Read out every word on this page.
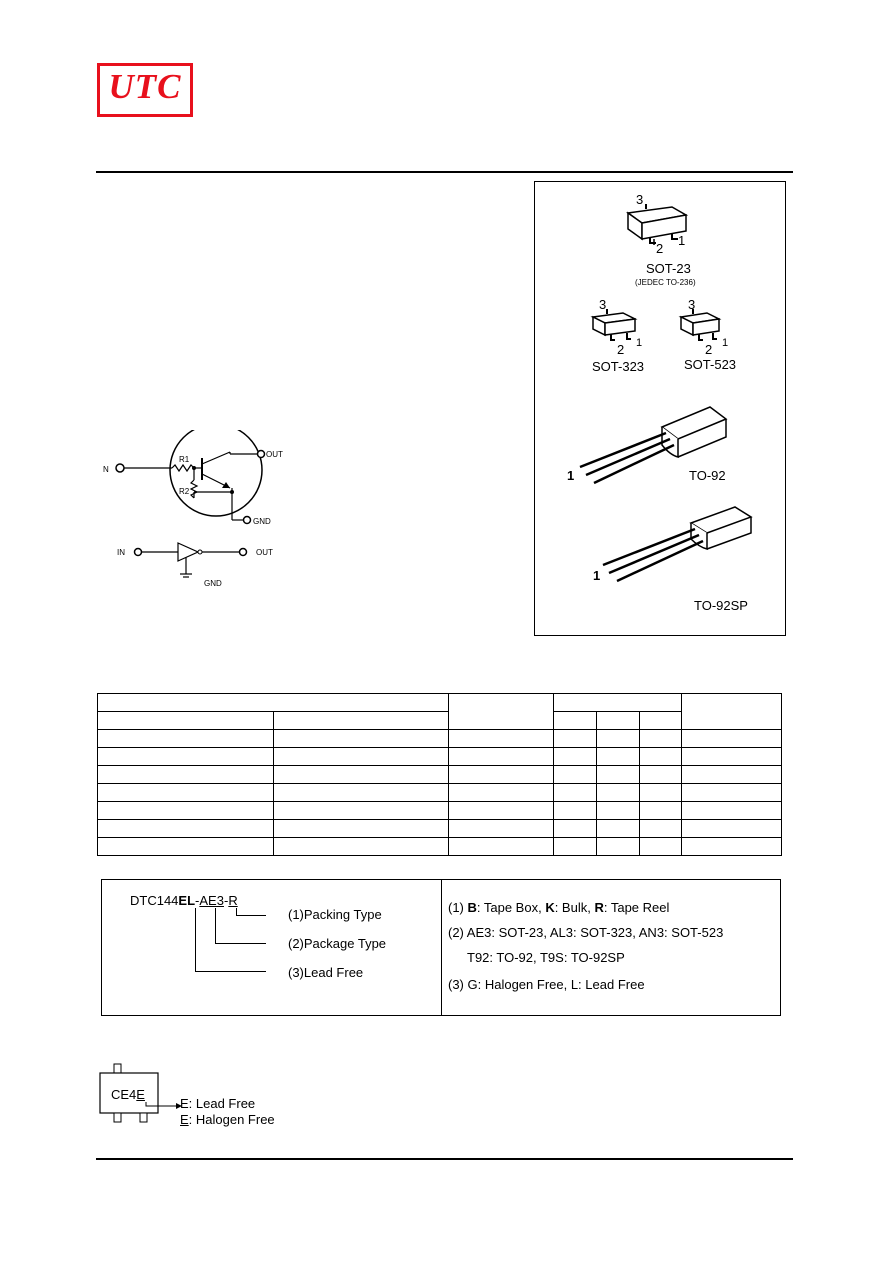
UTC
3
2
1
SOT-23
(JEDEC TO-236)
3
2 1
SOT-323
3
2 1
SOT-523
1	TO-92
1
TO-92SP
N
R1
R2
OUT
GND
IN	OUT
GND

DTC144EL-AE3-R
(1)Packing Type
(2)Package Type
(3)Lead Free
(1) B: Tape Box, K: Bulk, R: Tape Reel
(2) AE3: SOT-23, AL3: SOT-323, AN3: SOT-523
T92: TO-92, T9S: TO-92SP
(3) G: Halogen Free, L: Lead Free
CE4E
E: Lead Free
E: Halogen Free
